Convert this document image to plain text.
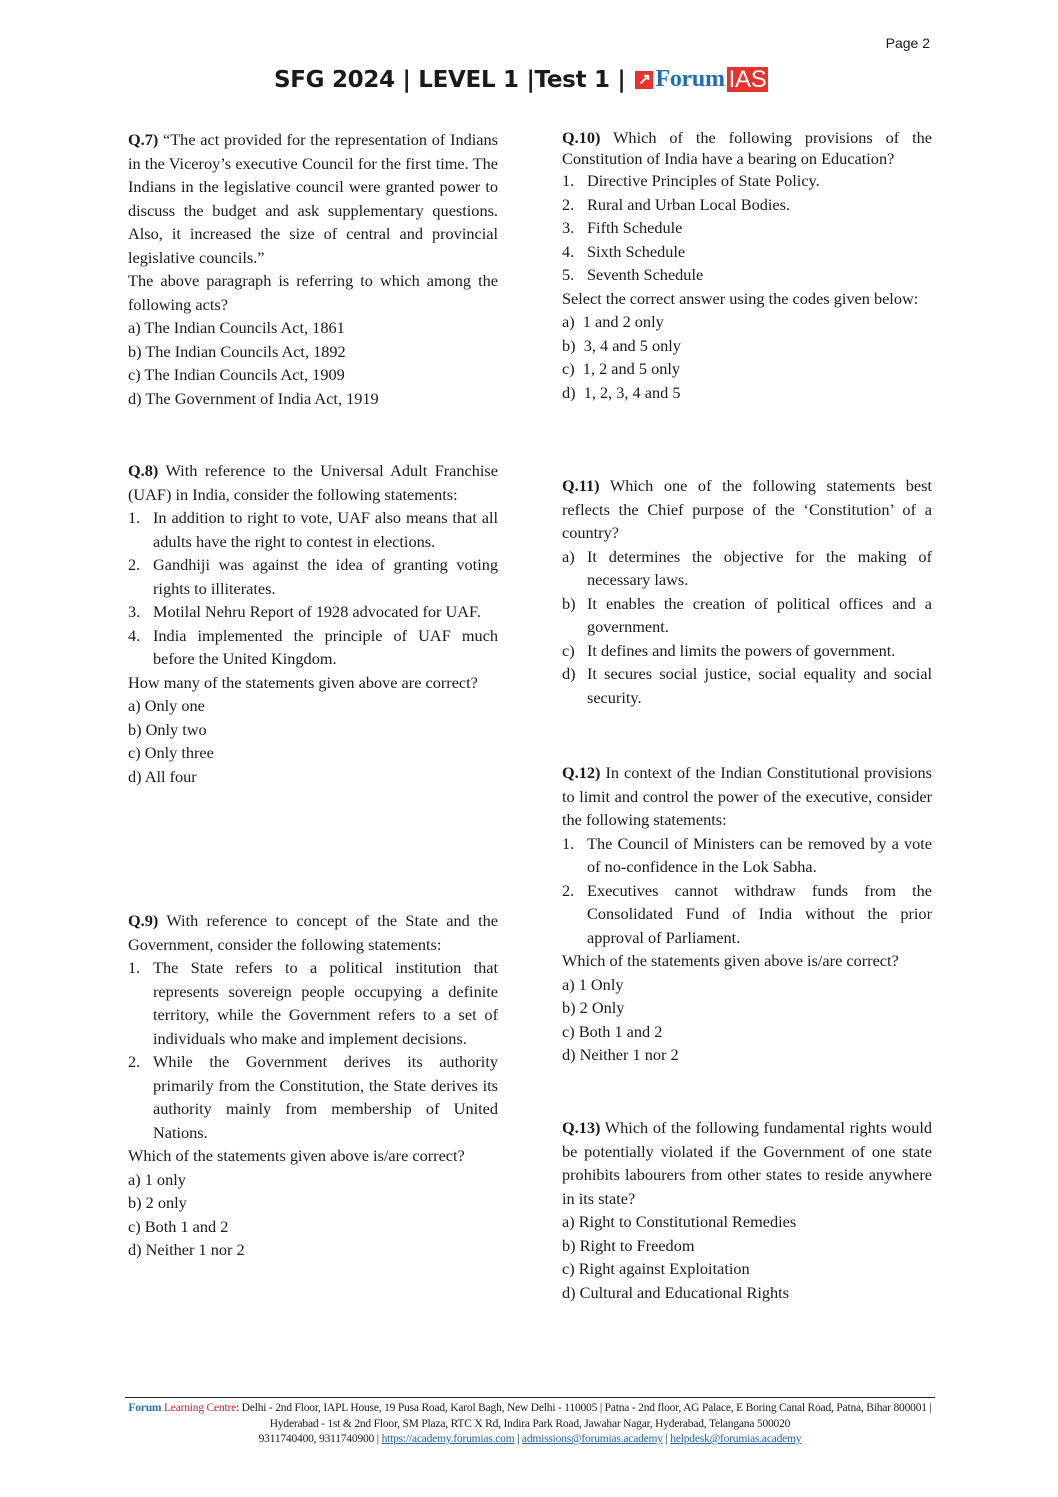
Page 2
SFG 2024 | LEVEL 1 |Test 1 | ↗ Forum IAS

Q.7) “The act provided for the representation of Indians in the Viceroy’s executive Council for the first time. The Indians in the legislative council were granted power to discuss the budget and ask supplementary questions. Also, it increased the size of central and provincial legislative councils.”

The above paragraph is referring to which among the following acts?

a) The Indian Councils Act, 1861

b) The Indian Councils Act, 1892

c) The Indian Councils Act, 1909

d) The Government of India Act, 1919

Q.8) With reference to the Universal Adult Franchise (UAF) in India, consider the following statements:

1. In addition to right to vote, UAF also means that all adults have the right to contest in elections.
2. Gandhiji was against the idea of granting voting rights to illiterates.
3. Motilal Nehru Report of 1928 advocated for UAF.
4. India implemented the principle of UAF much before the United Kingdom.

How many of the statements given above are correct?

a) Only one

b) Only two

c) Only three

d) All four

Q.9) With reference to concept of the State and the Government, consider the following statements:

1. The State refers to a political institution that represents sovereign people occupying a definite territory, while the Government refers to a set of individuals who make and implement decisions.
2. While the Government derives its authority primarily from the Constitution, the State derives its authority mainly from membership of United Nations.

Which of the statements given above is/are correct?

a) 1 only

b) 2 only

c) Both 1 and 2

d) Neither 1 nor 2

Q.10) Which of the following provisions of the Constitution of India have a bearing on Education?

1. Directive Principles of State Policy.
2. Rural and Urban Local Bodies.
3. Fifth Schedule
4. Sixth Schedule
5. Seventh Schedule

Select the correct answer using the codes given below:

a)  1 and 2 only

b)  3, 4 and 5 only

c)  1, 2 and 5 only

d)  1, 2, 3, 4 and 5

Q.11) Which one of the following statements best reflects the Chief purpose of the ‘Constitution’ of a country?

a) It determines the objective for the making of necessary laws.
b) It enables the creation of political offices and a government.
c) It defines and limits the powers of government.
d) It secures social justice, social equality and social security.

Q.12) In context of the Indian Constitutional provisions to limit and control the power of the executive, consider the following statements:

1. The Council of Ministers can be removed by a vote of no-confidence in the Lok Sabha.
2. Executives cannot withdraw funds from the Consolidated Fund of India without the prior approval of Parliament.

Which of the statements given above is/are correct?

a) 1 Only

b) 2 Only

c) Both 1 and 2

d) Neither 1 nor 2

Q.13) Which of the following fundamental rights would be potentially violated if the Government of one state prohibits labourers from other states to reside anywhere in its state?

a) Right to Constitutional Remedies

b) Right to Freedom

c) Right against Exploitation

d) Cultural and Educational Rights

Forum Learning Centre: Delhi - 2nd Floor, IAPL House, 19 Pusa Road, Karol Bagh, New Delhi - 110005 | Patna - 2nd floor, AG Palace, E Boring Canal Road, Patna, Bihar 800001 | Hyderabad - 1st & 2nd Floor, SM Plaza, RTC X Rd, Indira Park Road, Jawahar Nagar, Hyderabad, Telangana 500020
9311740400, 9311740900 | https://academy.forumias.com | admissions@forumias.academy | helpdesk@forumias.academy
